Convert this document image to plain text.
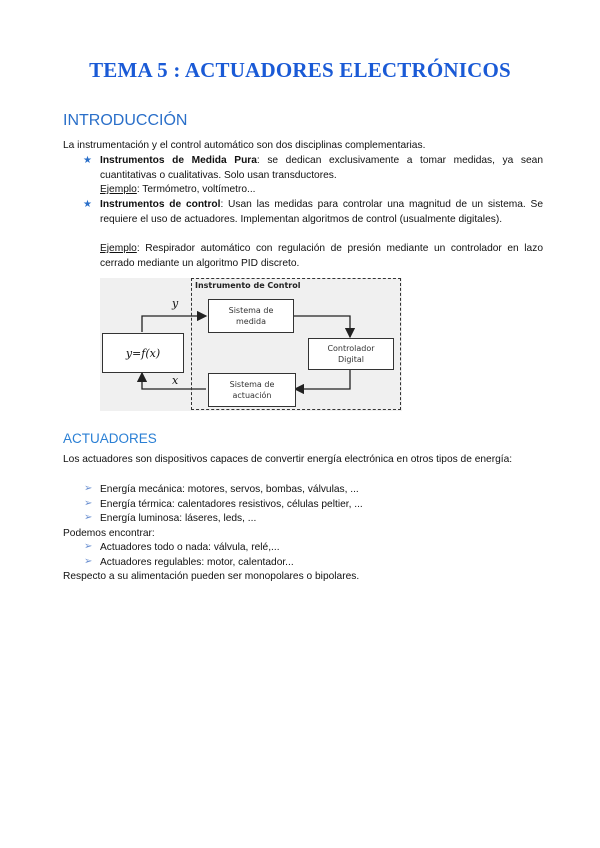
TEMA 5 : ACTUADORES ELECTRÓNICOS
INTRODUCCIÓN
La instrumentación y el control automático son dos disciplinas complementarias.
★ Instrumentos de Medida Pura: se dedican exclusivamente a tomar medidas, ya sean cuantitativas o cualitativas. Solo usan transductores.
Ejemplo: Termómetro, voltímetro...
★ Instrumentos de control: Usan las medidas para controlar una magnitud de un sistema. Se requiere el uso de actuadores. Implementan algoritmos de control (usualmente digitales).
Ejemplo: Respirador automático con regulación de presión mediante un controlador en lazo cerrado mediante un algoritmo PID discreto.
Instrumento de Control
y=f(x)
Sistema de
medida
Controlador
Digital
Sistema de
actuación
y
x
ACTUADORES
Los actuadores son dispositivos capaces de convertir energía electrónica en otros tipos de energía:
➢ Energía mecánica: motores, servos, bombas, válvulas, ...
➢ Energía térmica: calentadores resistivos, células peltier, ...
➢ Energía luminosa: láseres, leds, ...
Podemos encontrar:
➢ Actuadores todo o nada: válvula, relé,...
➢ Actuadores regulables: motor, calentador...
Respecto a su alimentación pueden ser monopolares o bipolares.
